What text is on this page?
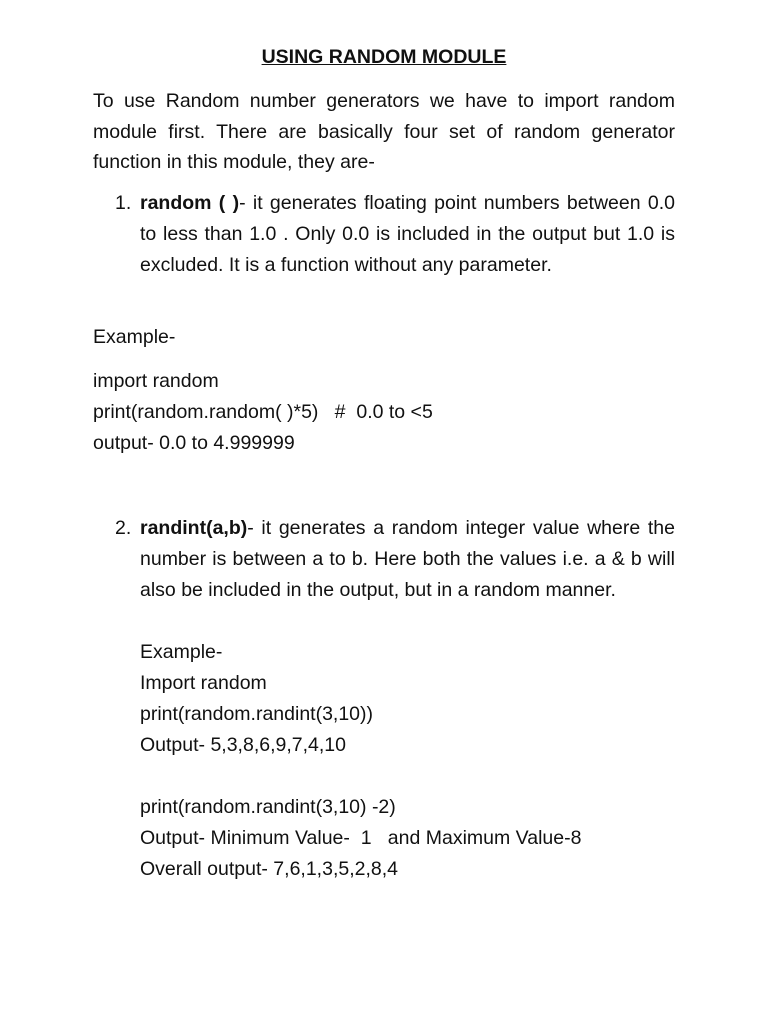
USING RANDOM MODULE

To use Random number generators we have to import random module first. There are basically four set of random generator function in this module, they are-

1. random ( )- it generates floating point numbers between 0.0 to less than 1.0 . Only 0.0 is included in the output but 1.0 is excluded. It is a function without any parameter.

Example-
import random
print(random.random( )*5)   #  0.0 to <5
output- 0.0 to 4.999999
2. randint(a,b)- it generates a random integer value where the number is between a to b. Here both the values i.e. a & b will also be included in the output, but in a random manner.

Example-
Import random
print(random.randint(3,10))
Output- 5,3,8,6,9,7,4,10

print(random.randint(3,10) -2)
Output- Minimum Value-  1   and Maximum Value-8
Overall output- 7,6,1,3,5,2,8,4
